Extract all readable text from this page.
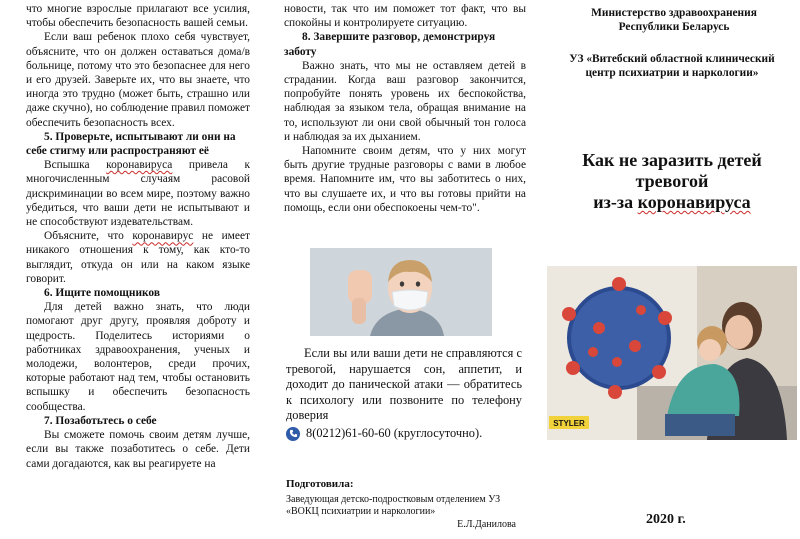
что многие взрослые прилагают все усилия, чтобы обеспечить безопасность вашей семьи.

Если ваш ребенок плохо себя чувствует, объясните, что он должен оставаться дома/в больнице, потому что это безопаснее для него и его друзей. Заверьте их, что вы знаете, что иногда это трудно (может быть, страшно или даже скучно), но соблюдение правил поможет обеспечить безопасность всех.

5. Проверьте, испытывают ли они на себе стигму или распространяют её

Вспышка коронавируса привела к многочисленным случаям расовой дискриминации во всем мире, поэтому важно убедиться, что ваши дети не испытывают и не способствуют издевательствам.

Объясните, что коронавирус не имеет никакого отношения к тому, как кто-то выглядит, откуда он или на каком языке говорит.

6. Ищите помощников

Для детей важно знать, что люди помогают друг другу, проявляя доброту и щедрость. Поделитесь историями о работниках здравоохранения, ученых и молодежи, волонтеров, среди прочих, которые работают над тем, чтобы остановить вспышку и обеспечить безопасность сообщества.

7. Позаботьтесь о себе

Вы сможете помочь своим детям лучше, если вы также позаботитесь о себе. Дети сами догадаются, как вы реагируете на

новости, так что им поможет тот факт, что вы спокойны и контролируете ситуацию.

8. Завершите разговор, демонстрируя заботу

Важно знать, что мы не оставляем детей в страдании. Когда ваш разговор закончится, попробуйте понять уровень их беспокойства, наблюдая за языком тела, обращая внимание на то, используют ли они свой обычный тон голоса и наблюдая за их дыханием.

Напомните своим детям, что у них могут быть другие трудные разговоры с вами в любое время. Напомните им, что вы заботитесь о них, что вы слушаете их, и что вы готовы прийти на помощь, если они обеспокоены чем-то".

Если вы или ваши дети не справляются с тревогой, нарушается сон, аппетит, и доходит до панической атаки — обратитесь к психологу или позвоните по телефону доверия

8(0212)61-60-60 (круглосуточно).
Подготовила:
Заведующая детско-подростковым отделением УЗ «ВОКЦ психиатрии и наркологии»
Е.Л.Данилова
Министерство здравоохранения
Республики Беларусь
УЗ «Витебский областной клинический
центр психиатрии и наркологии»
Как не заразить детей
тревогой
из-за коронавируса
STYLER
2020 г.
